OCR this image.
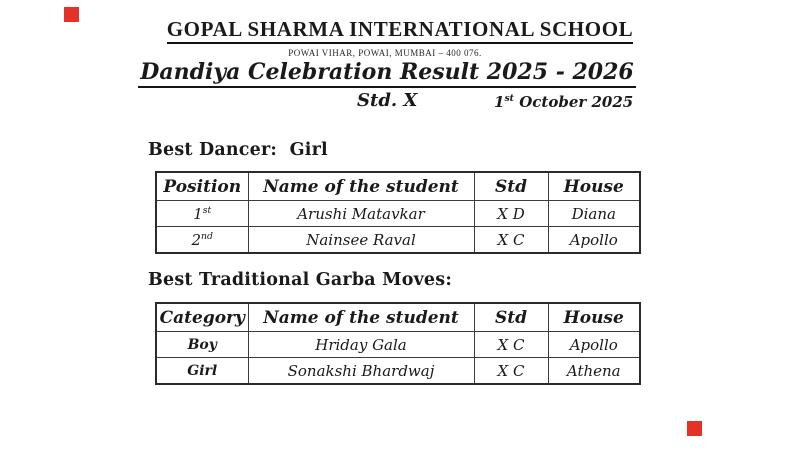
GOPAL SHARMA INTERNATIONAL SCHOOL
POWAI VIHAR, POWAI, MUMBAI – 400 076.
Dandiya Celebration Result 2025 - 2026
Std. X	1st October 2025
Best Dancer:  Girl
Position	Name of the student	Std	House
1st	Arushi Matavkar	X D	Diana
2nd	Nainsee Raval	X C	Apollo
Best Traditional Garba Moves:
Category	Name of the student	Std	House
Boy	Hriday Gala	X C	Apollo
Girl	Sonakshi Bhardwaj	X C	Athena
